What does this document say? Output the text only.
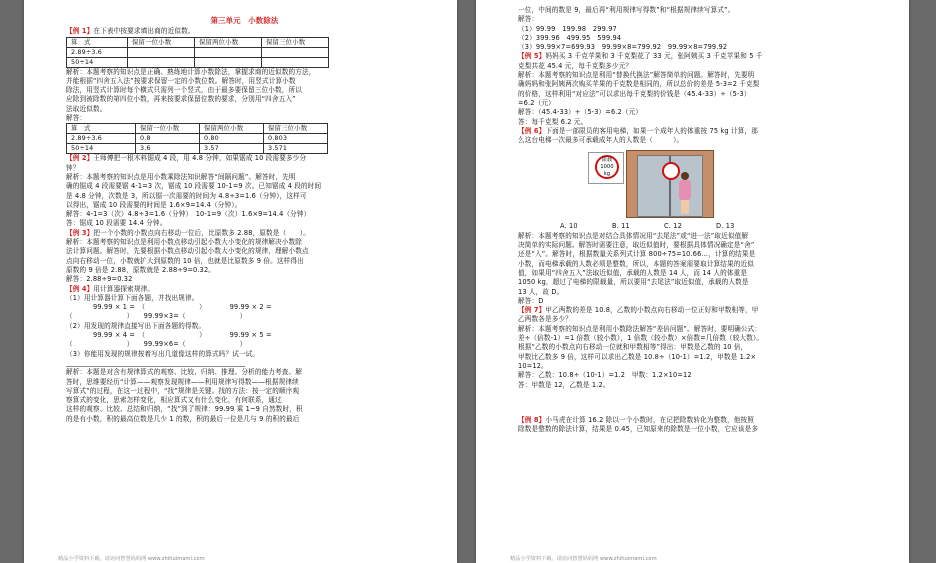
第三单元　小数除法
【例 1】在下表中按要求填出商的近似数。
算　式	保留一位小数	保留两位小数	保留三位小数
2.89÷3.6			
50÷14			
解析：本题考察的知识点是正确、熟练地计算小数除法，掌握求商的近似数的方法，
并能根据“四舍五入法”按要求保留一定的小数位数。解答时，用竖式计算小数
除法，用竖式计算时每个横式只需列一个竖式，由于最多要保留三位小数，所以
应除到被除数的第四位小数，再来按要求保留位数的要求，分别用“四舍五入”
法取近似数。
解答：
算　式	保留一位小数	保留两位小数	保留三位小数
2.89÷3.6	0.8	0.80	0.803
50÷14	3.6	3.57	3.571
【例 2】王师傅把一根木料锯成 4 段，用 4.8 分钟，如果锯成 10 段需要多少分
钟？
解析：本题考察的知识点是用小数乘除法知识解答“间隔问题”。解答时，先明
确的锯成 4 段需要锯 4-1=3 次，锯成 10 段需要 10-1=9 次。已知锯成 4 段的时间
是 4.8 分钟，次数是 3，所以锯一次需要的时间为 4.8÷3=1.6（分钟），这样可
以得出，锯成 10 段需要的时间是 1.6×9=14.4（分钟）。
解答：4-1=3（次）4.8÷3=1.6（分钟）　10-1=9（次）1.6×9=14.4（分钟）
答：锯成 10 段需要 14.4 分钟。
【例 3】把一个小数的小数点向右移动一位后，比原数多 2.88，原数是（　　）。
解析：本题考察的知识点是利用小数点移动引起小数大小变化的规律解决小数除
法计算问题。解答时，先要根据小数点移动引起小数大小变化的规律，理解小数点
点向右移动一位，小数就扩大到原数的 10 倍，也就是比原数多 9 倍。这样得出
原数的 9 倍是 2.88，原数就是 2.88÷9=0.32。
解答：2.88÷9=0.32
【例 4】用计算器探索规律。
（1）用计算器计算下面各题，并找出规律。
　　　　99.99 × 1 =　（　　　　　　　　）　　　　99.99 × 2 =
（　　　　　　　　）　　99.99×3=（　　　　　　　　）
（2）用发现的规律直接写出下面各题的得数。
　　　　99.99 × 4 =　（　　　　　　　　）　　　　99.99 × 5 =
（　　　　　　　　）　　99.99×6=（　　　　　　　　）
（3）你能用发现的规律按着写出几道像这样的算式吗？试一试。
____________________________________________________
解析：本题是对含有规律算式的观察、比较、归纳、推理、分析的能力考查。解
答时，思维要经历“计算——观察发现规律——利用规律写得数——根据规律续
写算式”的过程，在这一过程中，“找”规律是关键。找的方法：按一定的顺序观
察算式的变化，思索怎样变化，相应算式又有什么变化，有何联系，通过
这样的观察、比较、总结和归纳，“找”到了规律：99.99 乘 1~9 自然数时，积
的是有小数，积的最高位数是几少 1 的数，积的最后一位是几与 9 的积的最后
精品小学资料下载，请访问智慧妈妈网 www.zhihuimami.com
一位，中间的数是 9，最后再“利用规律写得数”和“根据规律续写算式”。
解答：
（1）99.99　199.98　299.97
（2）399.96　499.95　599.94
（3）99.99×7=699.93　99.99×8=799.92　99.99×8=799.92
【例 5】妈妈买 3 千克苹果和 3 千克梨花了 33 元，张阿姨买 3 千克苹果和 5 千
克梨共花 45.4 元，每千克梨多少元？
解析：本题考察的知识点是利用“替换代换法”解答简单的问题。解答时，先要明
确妈妈和张阿姨两次购买苹果的千克数是相同的，所以总价的差是 5-3=2 千克梨
的价格，这样利用“对应法”可以求出每千克梨的价钱是（45.4-33）÷（5-3）
=6.2（元）
解答：（45.4-33）÷（5-3）=6.2（元）
答：每千克梨 6.2 元。
【例 6】下面是一部限员的客用电梯，如果一个成年人的体重按 75 kg 计算，那
么这台电梯一次最多可承载成年人的人数是（　　　）。
限载
1000
kg
A. 10	B. 11	C. 12	D. 13
解析：本题考察的知识点是对结合具体情况用“去尾法”或“进一法”取近似值解
决简单的实际问题。解答时需要注意，取近似值时，要根据具体情况确定是“舍”
还是“入”。解答时，根据数量关系列式计算 800÷75=10.66…，计算的结果是
小数，而电梯承载的人数必须是整数，所以，本题的答案需要取计算结果的近似
值，如果用“四舍五入”法取近似值，承载的人数是 14 人，而 14 人的体重是
1050 kg，超过了电梯的限载量，所以要用“去尾法”取近似值，承载的人数是
13 人，故 D。
解答：D
【例 7】甲乙两数的差是 10.8，乙数的小数点向右移动一位正好和甲数相等，甲
乙两数各是多少？
解析：本题考察的知识点是利用小数除法解答“差倍问题”。解答时，要明确公式：
差÷（倍数-1）=1 倍数（较小数），1 倍数（较小数）×倍数=几倍数（较大数）。
根据“乙数的小数点向右移动一位就和甲数相等”得出：甲数是乙数的 10 倍，
甲数比乙数多 9 倍，这样可以求出乙数是 10.8÷（10-1）=1.2，甲数是 1.2×
10=12。
解答：乙数：10.8÷（10-1）=1.2　甲数：1.2×10=12
答：甲数是 12，乙数是 1.2。
【例 8】小马虎在计算 16.2 除以一个小数时，在记把除数转化为整数，他按照
除数是整数的除法计算，结果是 0.45，已知原来的除数是一位小数，它应该是多
精品小学资料下载，请访问智慧妈妈网 www.zhihuimami.com
